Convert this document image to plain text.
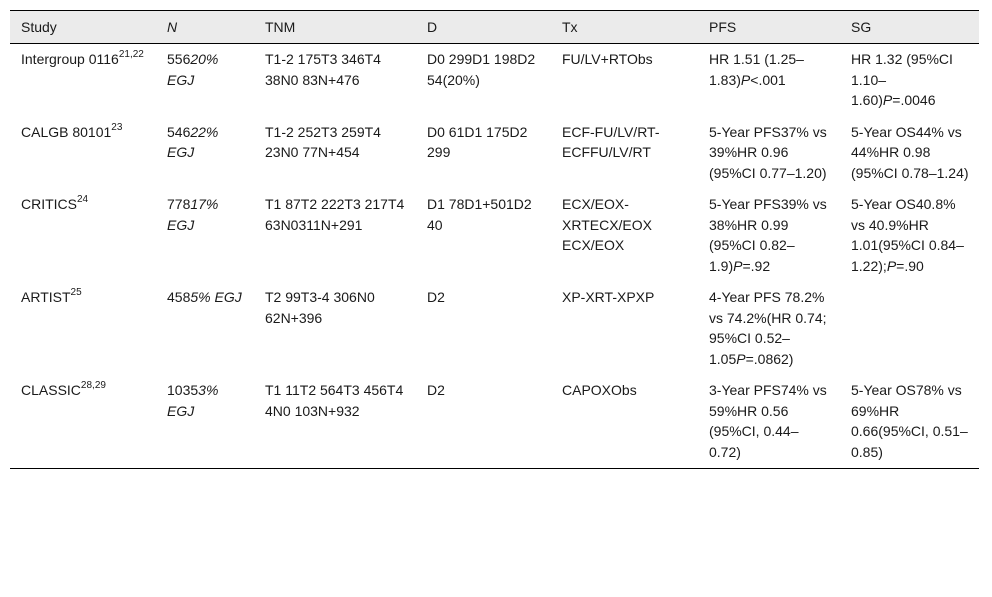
Study	N	TNM	D	Tx	PFS	SG
Intergroup 0116$^{21,22}$	55620% EGJ	T1-2 175T3 346T4 38N0 83N+476	D0 299D1 198D2 54(20%)	FU/LV+RTObs	HR 1.51 (1.25–1.83)P<.001	HR 1.32 (95%CI 1.10–1.60)P=.0046
CALGB 80101$^{23}$	54622% EGJ	T1-2 252T3 259T4 23N0 77N+454	D0 61D1 175D2 299	ECF-FU/LV/RT-ECFFU/LV/RT	5-Year PFS37% vs 39%HR 0.96 (95%CI 0.77–1.20)	5-Year OS44% vs 44%HR 0.98 (95%CI 0.78–1.24)
CRITICS$^{24}$	77817% EGJ	T1 87T2 222T3 217T4 63N0311N+291	D1 78D1+501D2 40	ECX/EOX-XRTECX/EOX ECX/EOX	5-Year PFS39% vs 38%HR 0.99 (95%CI 0.82–1.9)P=.92	5-Year OS40.8% vs 40.9%HR 1.01(95%CI 0.84–1.22);P=.90
ARTIST$^{25}$	4585% EGJ	T2 99T3-4 306N0 62N+396	D2	XP-XRT-XPXP	4-Year PFS 78.2% vs 74.2%(HR 0.74; 95%CI 0.52–1.05P=.0862)	
CLASSIC$^{28,29}$	10353% EGJ	T1 11T2 564T3 456T4 4N0 103N+932	D2	CAPOXObs	3-Year PFS74% vs 59%HR 0.56 (95%CI, 0.44–0.72)	5-Year OS78% vs 69%HR 0.66(95%CI, 0.51–0.85)
